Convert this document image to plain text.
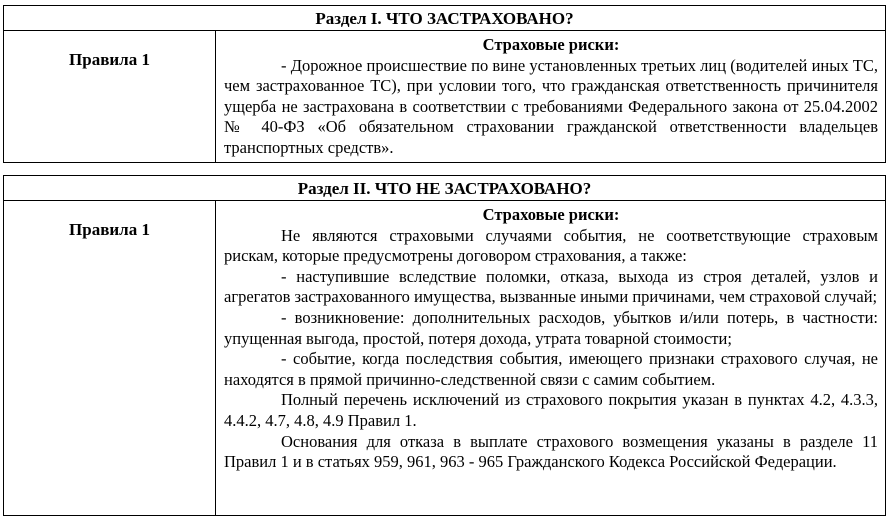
Раздел I. ЧТО ЗАСТРАХОВАНО?
Правила 1
Страховые риски:

- Дорожное происшествие по вине установленных третьих лиц (водителей иных ТС, чем застрахованное ТС), при условии того, что гражданская ответственность причинителя ущерба не застрахована в соответствии с требованиями Федерального закона от 25.04.2002 № 40-ФЗ «Об обязательном страховании гражданской ответственности владельцев транспортных средств».

Раздел II. ЧТО НЕ ЗАСТРАХОВАНО?
Правила 1
Страховые риски:

Не являются страховыми случаями события, не соответствующие страховым рискам, которые предусмотрены договором страхования, а также:

- наступившие вследствие поломки, отказа, выхода из строя деталей, узлов и агрегатов застрахованного имущества, вызванные иными причинами, чем страховой случай;

- возникновение: дополнительных расходов, убытков и/или потерь, в частности: упущенная выгода, простой, потеря дохода, утрата товарной стоимости;

- событие, когда последствия события, имеющего признаки страхового случая, не находятся в прямой причинно-следственной связи с самим событием.

Полный перечень исключений из страхового покрытия указан в пунктах 4.2, 4.3.3, 4.4.2, 4.7, 4.8, 4.9 Правил 1.

Основания для отказа в выплате страхового возмещения указаны в разделе 11 Правил 1 и в статьях 959, 961, 963 - 965 Гражданского Кодекса Российской Федерации.
